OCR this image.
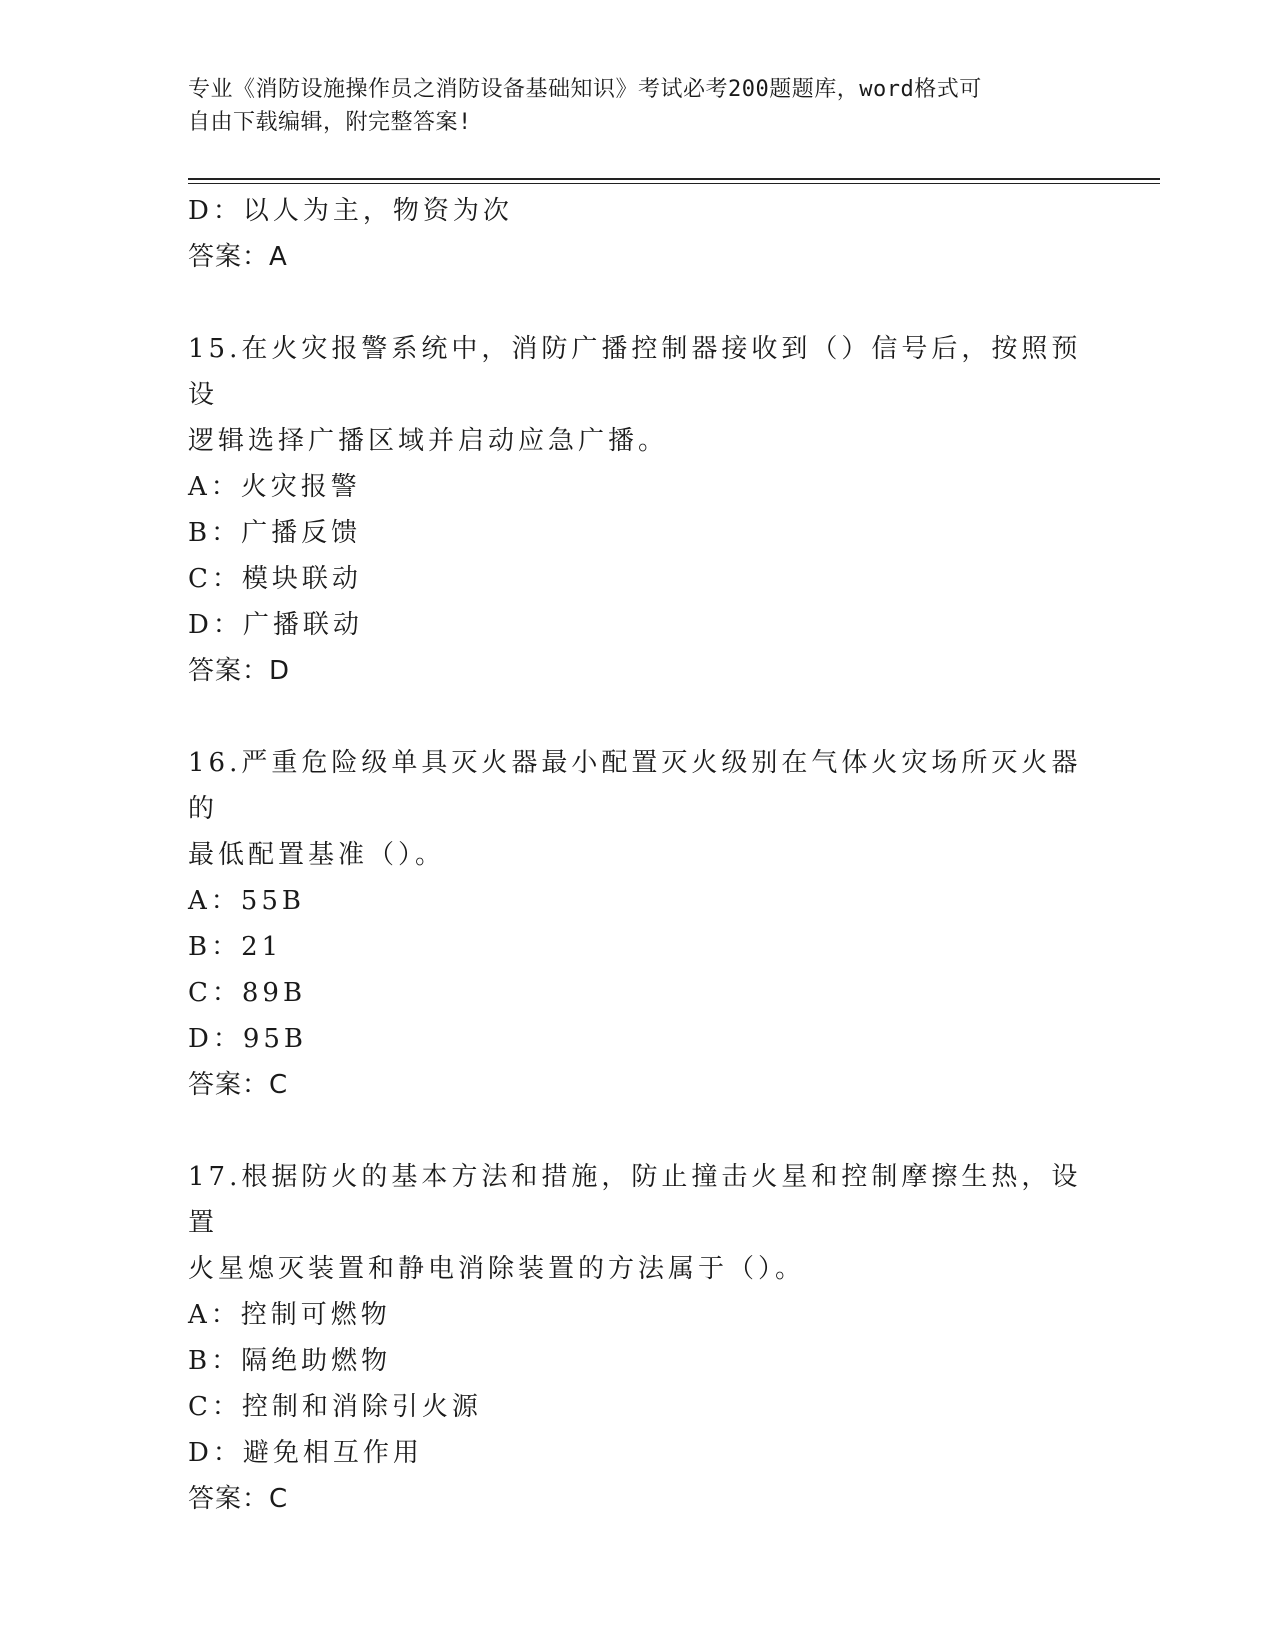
专业《消防设施操作员之消防设备基础知识》考试必考200题题库，word格式可
自由下载编辑，附完整答案!
D：以人为主，物资为次
答案：A
15.在火灾报警系统中，消防广播控制器接收到（）信号后，按照预设
逻辑选择广播区域并启动应急广播。
A：火灾报警
B：广播反馈
C：模块联动
D：广播联动
答案：D
16.严重危险级单具灭火器最小配置灭火级别在气体火灾场所灭火器的
最低配置基准（）。
A：55B
B：21
C：89B
D：95B
答案：C
17.根据防火的基本方法和措施，防止撞击火星和控制摩擦生热，设置
火星熄灭装置和静电消除装置的方法属于（）。
A：控制可燃物
B：隔绝助燃物
C：控制和消除引火源
D：避免相互作用
答案：C
